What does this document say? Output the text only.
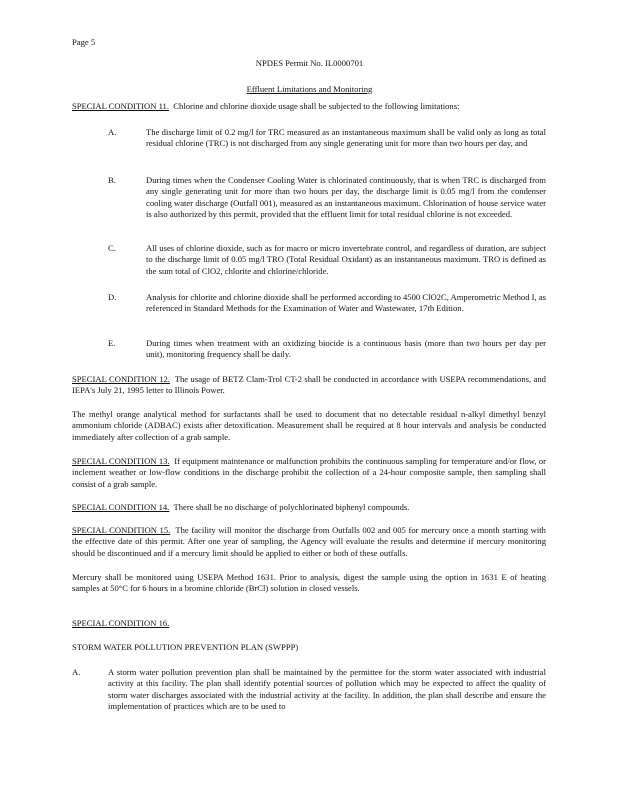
Page 5
NPDES Permit No. IL0000701
Effluent Limitations and Monitoring
SPECIAL CONDITION 11. Chlorine and chlorine dioxide usage shall be subjected to the following limitations:
A.	The discharge limit of 0.2 mg/l for TRC measured as an instantaneous maximum shall be valid only as long as total residual chlorine (TRC) is not discharged from any single generating unit for more than two hours per day, and
B.	During times when the Condenser Cooling Water is chlorinated continuously, that is when TRC is discharged from any single generating unit for more than two hours per day, the discharge limit is 0.05 mg/l from the condenser cooling water discharge (Outfall 001), measured as an instantaneous maximum. Chlorination of house service water is also authorized by this permit, provided that the effluent limit for total residual chlorine is not exceeded.
C.	All uses of chlorine dioxide, such as for macro or micro invertebrate control, and regardless of duration, are subject to the discharge limit of 0.05 mg/l TRO (Total Residual Oxidant) as an instantaneous maximum. TRO is defined as the sum total of ClO2, chlorite and chlorine/chloride.
D.	Analysis for chlorite and chlorine dioxide shall be performed according to 4500 ClO2C, Amperometric Method I, as referenced in Standard Methods for the Examination of Water and Wastewater, 17th Edition.
E.	During times when treatment with an oxidizing biocide is a continuous basis (more than two hours per day per unit), monitoring frequency shall be daily.
SPECIAL CONDITION 12. The usage of BETZ Clam-Trol CT-2 shall be conducted in accordance with USEPA recommendations, and IEPA's July 21, 1995 letter to Illinois Power.
The methyl orange analytical method for surfactants shall be used to document that no detectable residual n-alkyl dimethyl benzyl ammonium chloride (ADBAC) exists after detoxification. Measurement shall be required at 8 hour intervals and analysis be conducted immediately after collection of a grab sample.
SPECIAL CONDITION 13. If equipment maintenance or malfunction prohibits the continuous sampling for temperature and/or flow, or inclement weather or low-flow conditions in the discharge prohibit the collection of a 24-hour composite sample, then sampling shall consist of a grab sample.
SPECIAL CONDITION 14. There shall be no discharge of polychlorinated biphenyl compounds.
SPECIAL CONDITION 15. The facility will monitor the discharge from Outfalls 002 and 005 for mercury once a month starting with the effective date of this permit. After one year of sampling, the Agency will evaluate the results and determine if mercury monitoring should be discontinued and if a mercury limit should be applied to either or both of these outfalls.
Mercury shall be monitored using USEPA Method 1631. Prior to analysis, digest the sample using the option in 1631 E of heating samples at 50°C for 6 hours in a bromine chloride (BrCl) solution in closed vessels.
SPECIAL CONDITION 16.
STORM WATER POLLUTION PREVENTION PLAN (SWPPP)
A.	A storm water pollution prevention plan shall be maintained by the permittee for the storm water associated with industrial activity at this facility. The plan shall identify potential sources of pollution which may be expected to affect the quality of storm water discharges associated with the industrial activity at the facility. In addition, the plan shall describe and ensure the implementation of practices which are to be used to
